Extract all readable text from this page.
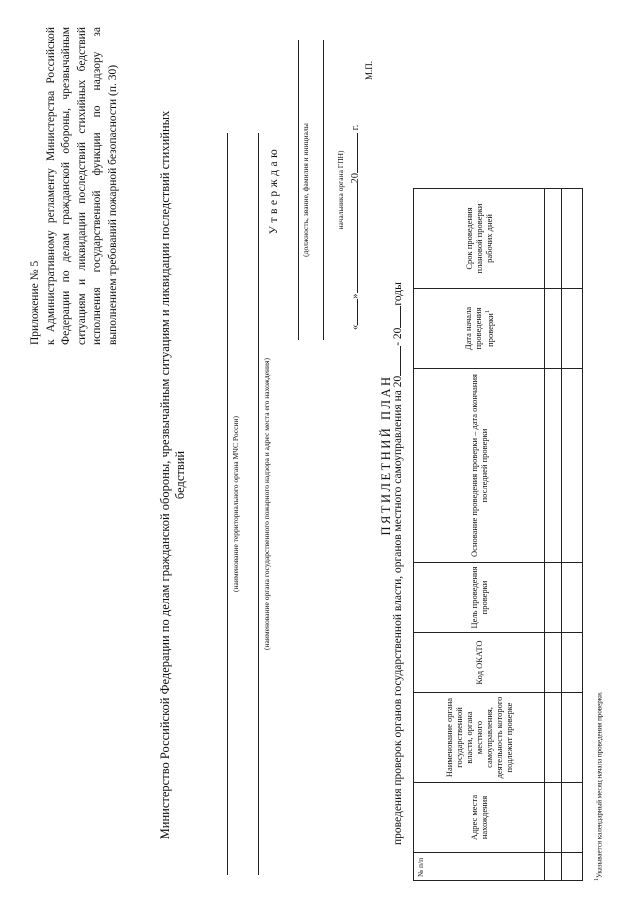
Приложение № 5 к Административному регламенту Министерства Российской Федерации по делам гражданской обороны, чрезвычайным ситуациям и ликвидации последствий стихийных бедствий исполнения государственной функции по надзору за выполнением требований пожарной безопасности (п. 30)	Министерство Российской Федерации по делам гражданской обороны, чрезвычайным ситуациям и ликвидации последствий стихийных бедствий	(наименование территориального органа МЧС России)	(наименование органа государственного пожарного надзора и адрес места его нахождения)
Утверждаю	(должность, звание, фамилия и инициалы	начальника органа ГПН)
«»20 г.
М.П.
ПЯТИЛЕТНИЙ ПЛАН проведения проверок органов государственной власти, органов местного самоуправления на 20- 20годы
№ п/п	Адрес места нахождения	Наименование органа государственной власти, органа местного самоуправления, деятельность которого подлежит проверке	Код ОКАТО	Цель проведения проверки	Основание проведения проверки – дата окончания последней проверки	Дата начала проведения проверки$^1$	Срок проведения плановой проверки рабочих дней

$^1$Указывается календарный месяц начала проведения проверки.
